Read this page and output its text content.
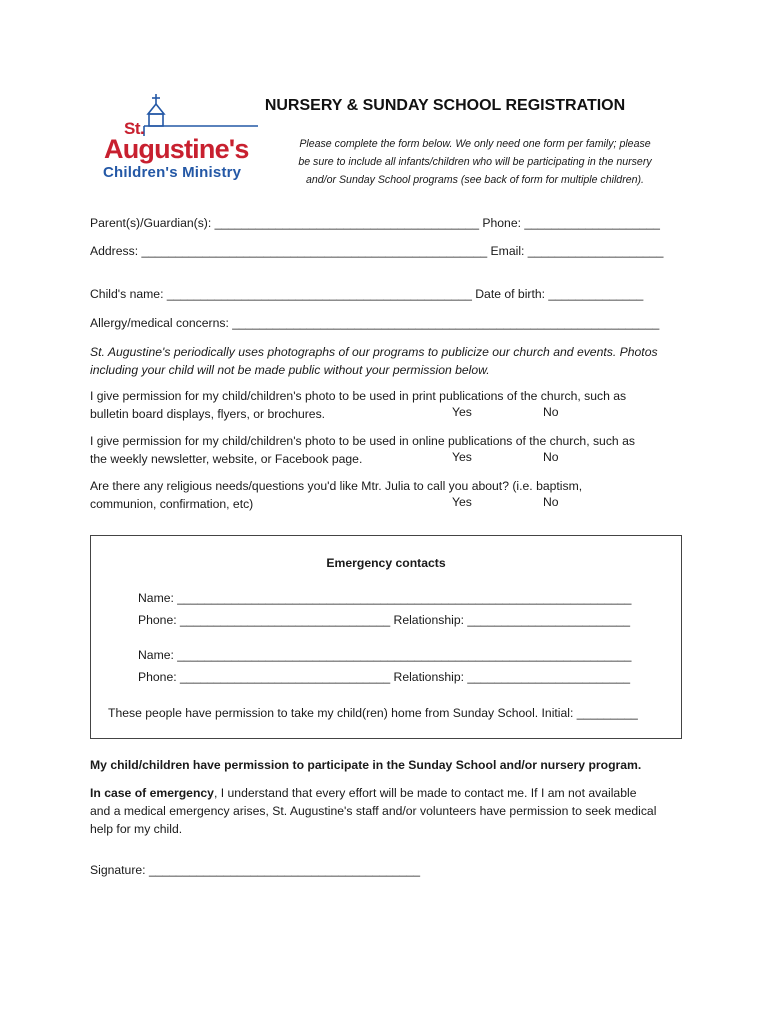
St.
Augustine's
Children's Ministry
NURSERY & SUNDAY SCHOOL REGISTRATION
Please complete the form below. We only need one form per family; please
be sure to include all infants/children who will be participating in the nursery
and/or Sunday School programs (see back of form for multiple children).
Parent(s)/Guardian(s): _______________________________________ Phone: ____________________
Address: ___________________________________________________ Email: ____________________
Child's name: _____________________________________________ Date of birth: ______________
Allergy/medical concerns: _______________________________________________________________
St. Augustine's periodically uses photographs of our programs to publicize our church and events. Photos
including your child will not be made public without your permission below.
I give permission for my child/children's photo to be used in print publications of the church, such as
bulletin board displays, flyers, or brochures.	Yes	No
I give permission for my child/children's photo to be used in online publications of the church, such as
the weekly newsletter, website, or Facebook page.	Yes	No
Are there any religious needs/questions you'd like Mtr. Julia to call you about? (i.e. baptism,
communion, confirmation, etc)	Yes	No
Emergency contacts
Name: ___________________________________________________________________
Phone: _______________________________ Relationship: ________________________
Name: ___________________________________________________________________
Phone: _______________________________ Relationship: ________________________
These people have permission to take my child(ren) home from Sunday School. Initial: _________
My child/children have permission to participate in the Sunday School and/or nursery program.
In case of emergency, I understand that every effort will be made to contact me. If I am not available
and a medical emergency arises, St. Augustine's staff and/or volunteers have permission to seek medical
help for my child.
Signature: ________________________________________
